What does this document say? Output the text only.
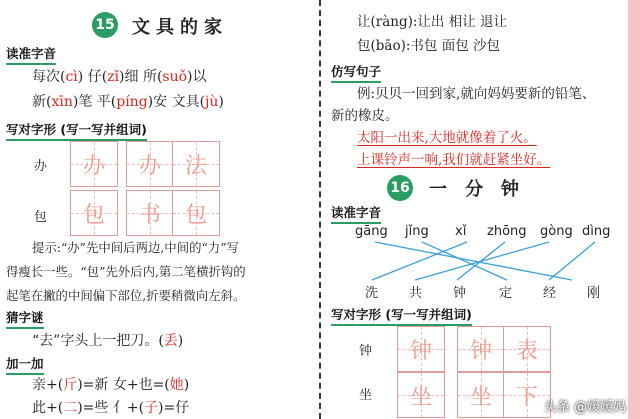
15 文具的家
读准字音
每次(cì) 仔(zǐ)细 所(suǒ)以
新(xīn)笔 平(píng)安 文具(jù)
写对字形 (写一写并组词)
办	办	办	法
包	包	书	包
提示:“办”先中间后两边,中间的“力”写
得瘦长一些。“包”先外后内,第二笔横折钩的
起笔在撇的中间偏下部位,折要稍微向左斜。
猜字谜
“去”字头上一把刀。(丢)
加一加
亲+(斤)=新 女+也=(她)
此+(二)=些 亻+(子)=仔
让(ràng):让出 相让 退让
包(bāo):书包 面包 沙包
仿写句子
例:贝贝一回到家,就向妈妈要新的铅笔、
新的橡皮。
太阳一出来,大地就像着了火。
上课铃声一响,我们就赶紧坐好。
16 一分钟
读准字音
gāng jǐng xǐ zhōng gòng dìng
洗 共 钟	定 经 刚
写对字形 (写一写并组词)
钟	钟	钟	表
坐	坐	坐	下 头条 @媛媛妈
